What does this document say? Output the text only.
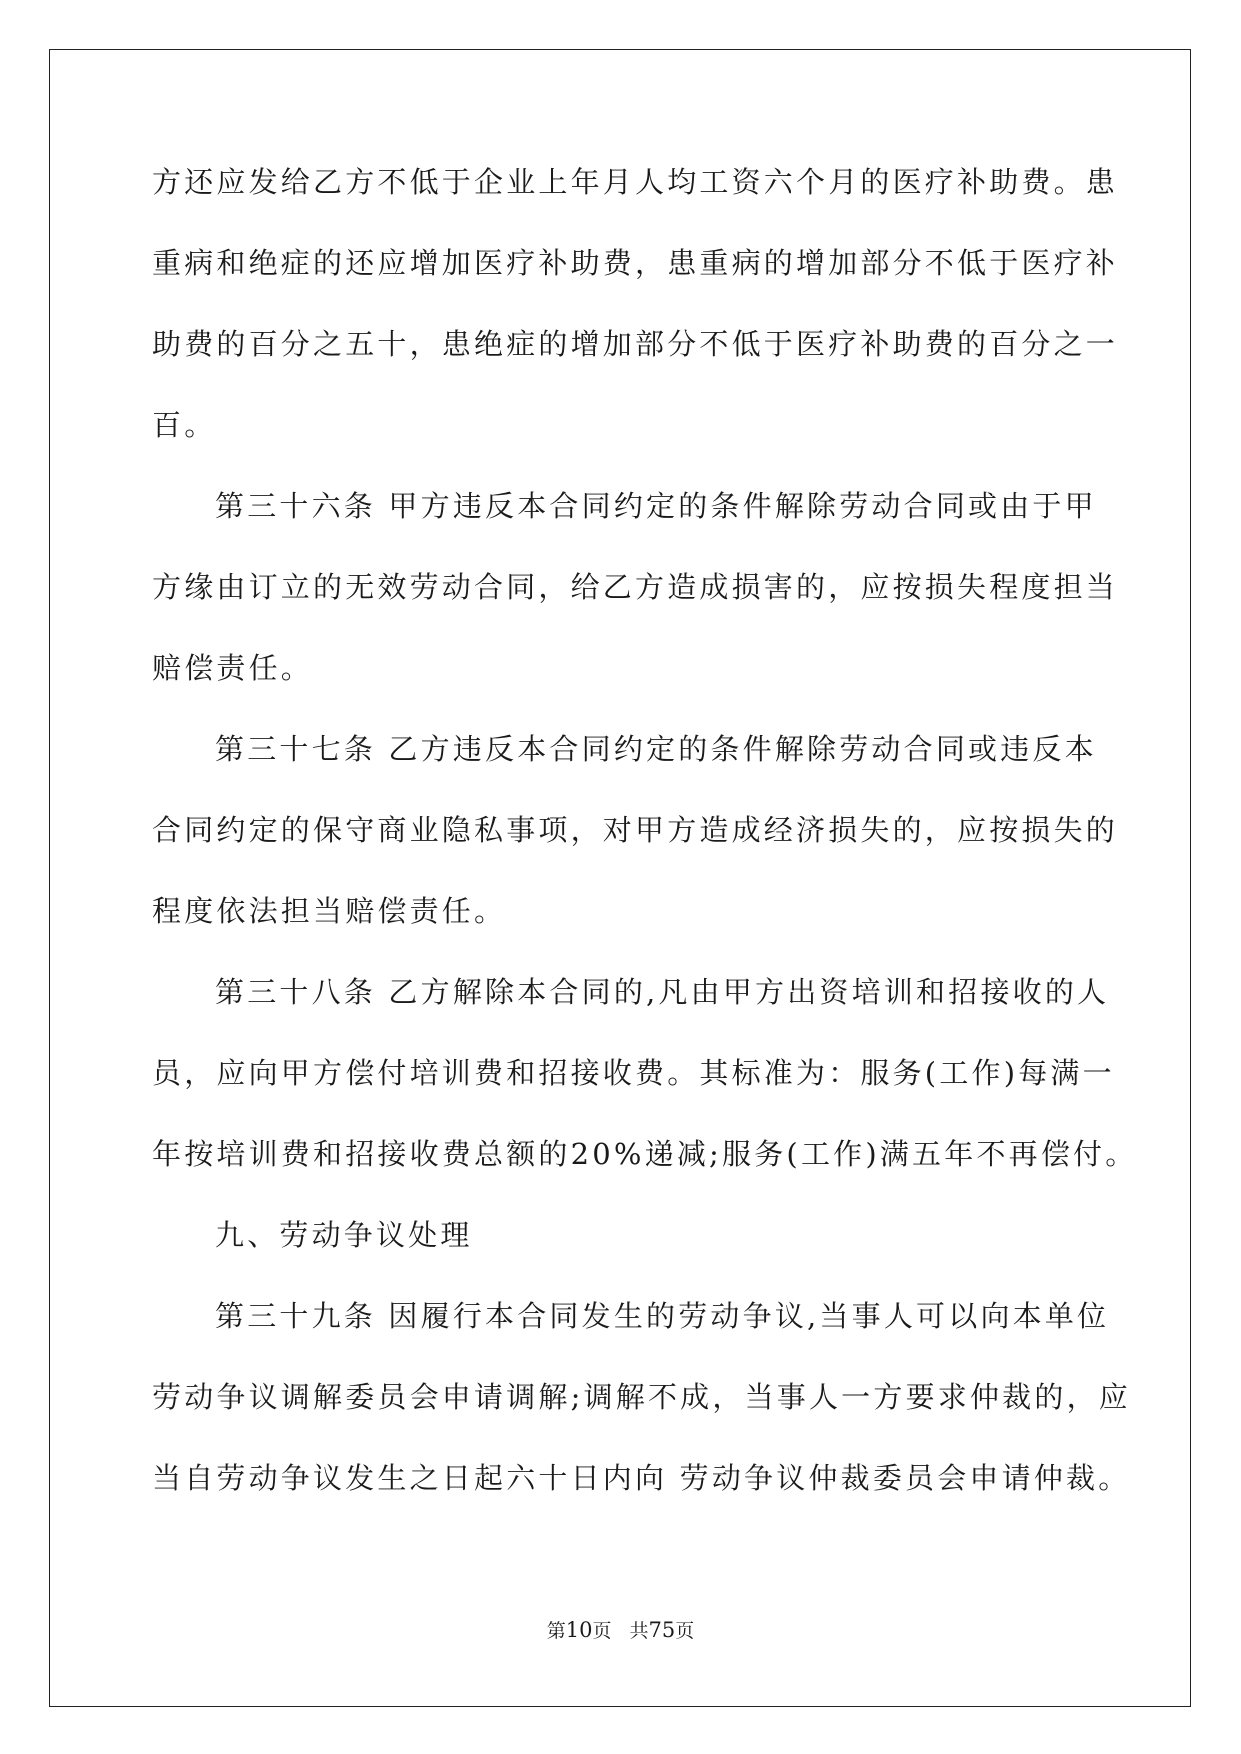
方还应发给乙方不低于企业上年月人均工资六个月的医疗补助费。患
重病和绝症的还应增加医疗补助费，患重病的增加部分不低于医疗补
助费的百分之五十，患绝症的增加部分不低于医疗补助费的百分之一
百。
第三十六条 甲方违反本合同约定的条件解除劳动合同或由于甲
方缘由订立的无效劳动合同，给乙方造成损害的，应按损失程度担当
赔偿责任。
第三十七条 乙方违反本合同约定的条件解除劳动合同或违反本
合同约定的保守商业隐私事项，对甲方造成经济损失的，应按损失的
程度依法担当赔偿责任。
第三十八条 乙方解除本合同的,凡由甲方出资培训和招接收的人
员，应向甲方偿付培训费和招接收费。其标准为：服务(工作)每满一
年按培训费和招接收费总额的20%递减;服务(工作)满五年不再偿付。
九、劳动争议处理
第三十九条 因履行本合同发生的劳动争议,当事人可以向本单位
劳动争议调解委员会申请调解;调解不成，当事人一方要求仲裁的，应
当自劳动争议发生之日起六十日内向 劳动争议仲裁委员会申请仲裁。
第10页 共75页
